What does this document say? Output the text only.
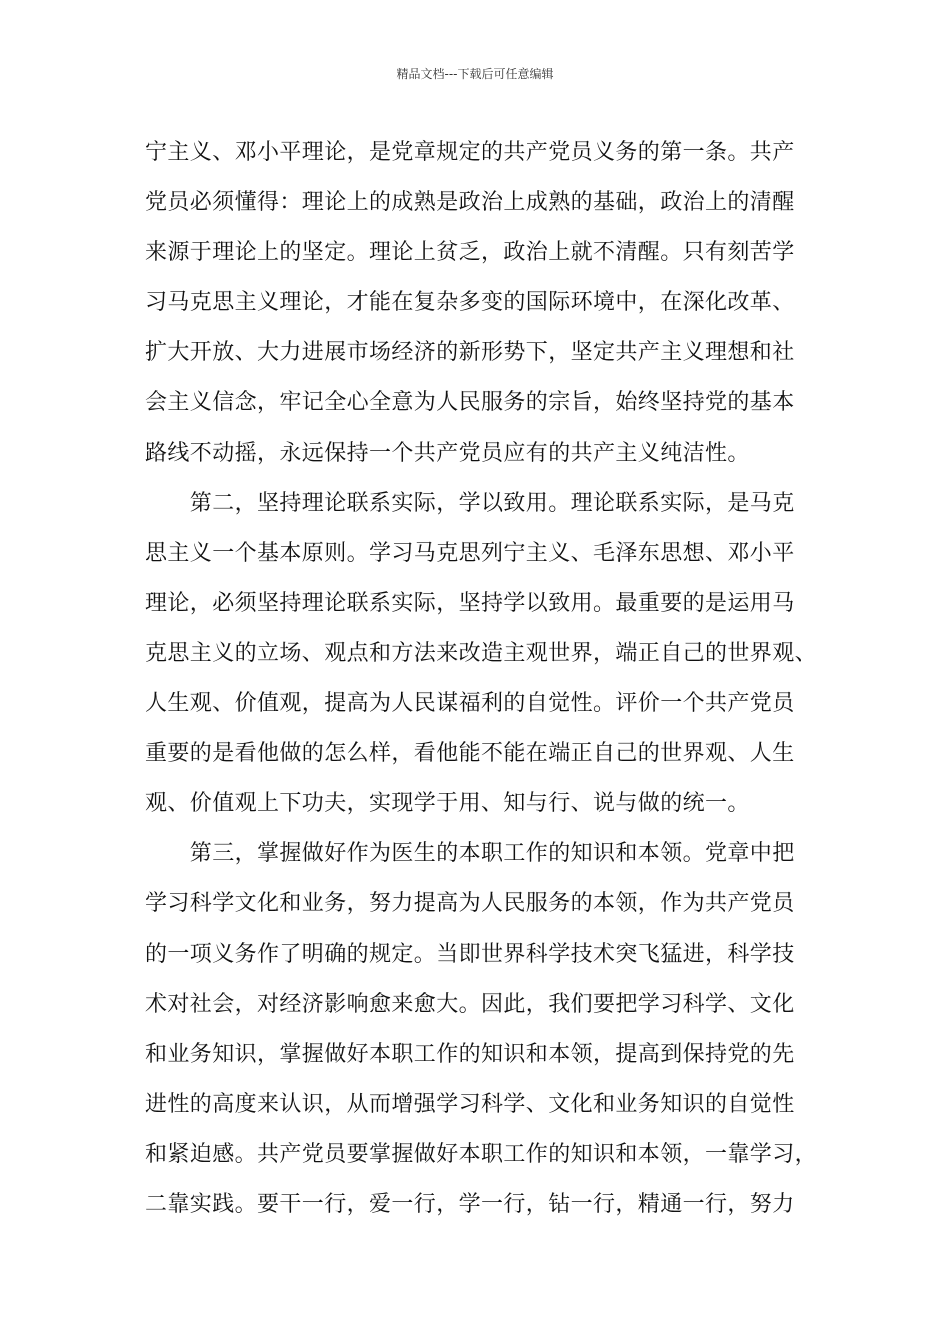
精品文档---下载后可任意编辑
宁主义、邓小平理论，是党章规定的共产党员义务的第一条。共产
党员必须懂得：理论上的成熟是政治上成熟的基础，政治上的清醒
来源于理论上的坚定。理论上贫乏，政治上就不清醒。只有刻苦学
习马克思主义理论，才能在复杂多变的国际环境中，在深化改革、
扩大开放、大力进展市场经济的新形势下，坚定共产主义理想和社
会主义信念，牢记全心全意为人民服务的宗旨，始终坚持党的基本
路线不动摇，永远保持一个共产党员应有的共产主义纯洁性。
　　第二，坚持理论联系实际，学以致用。理论联系实际，是马克
思主义一个基本原则。学习马克思列宁主义、毛泽东思想、邓小平
理论，必须坚持理论联系实际，坚持学以致用。最重要的是运用马
克思主义的立场、观点和方法来改造主观世界，端正自己的世界观、
人生观、价值观，提高为人民谋福利的自觉性。评价一个共产党员
重要的是看他做的怎么样，看他能不能在端正自己的世界观、人生
观、价值观上下功夫，实现学于用、知与行、说与做的统一。
　　第三，掌握做好作为医生的本职工作的知识和本领。党章中把
学习科学文化和业务，努力提高为人民服务的本领，作为共产党员
的一项义务作了明确的规定。当即世界科学技术突飞猛进，科学技
术对社会，对经济影响愈来愈大。因此，我们要把学习科学、文化
和业务知识，掌握做好本职工作的知识和本领，提高到保持党的先
进性的高度来认识，从而增强学习科学、文化和业务知识的自觉性
和紧迫感。共产党员要掌握做好本职工作的知识和本领，一靠学习，
二靠实践。要干一行，爱一行，学一行，钻一行，精通一行，努力
